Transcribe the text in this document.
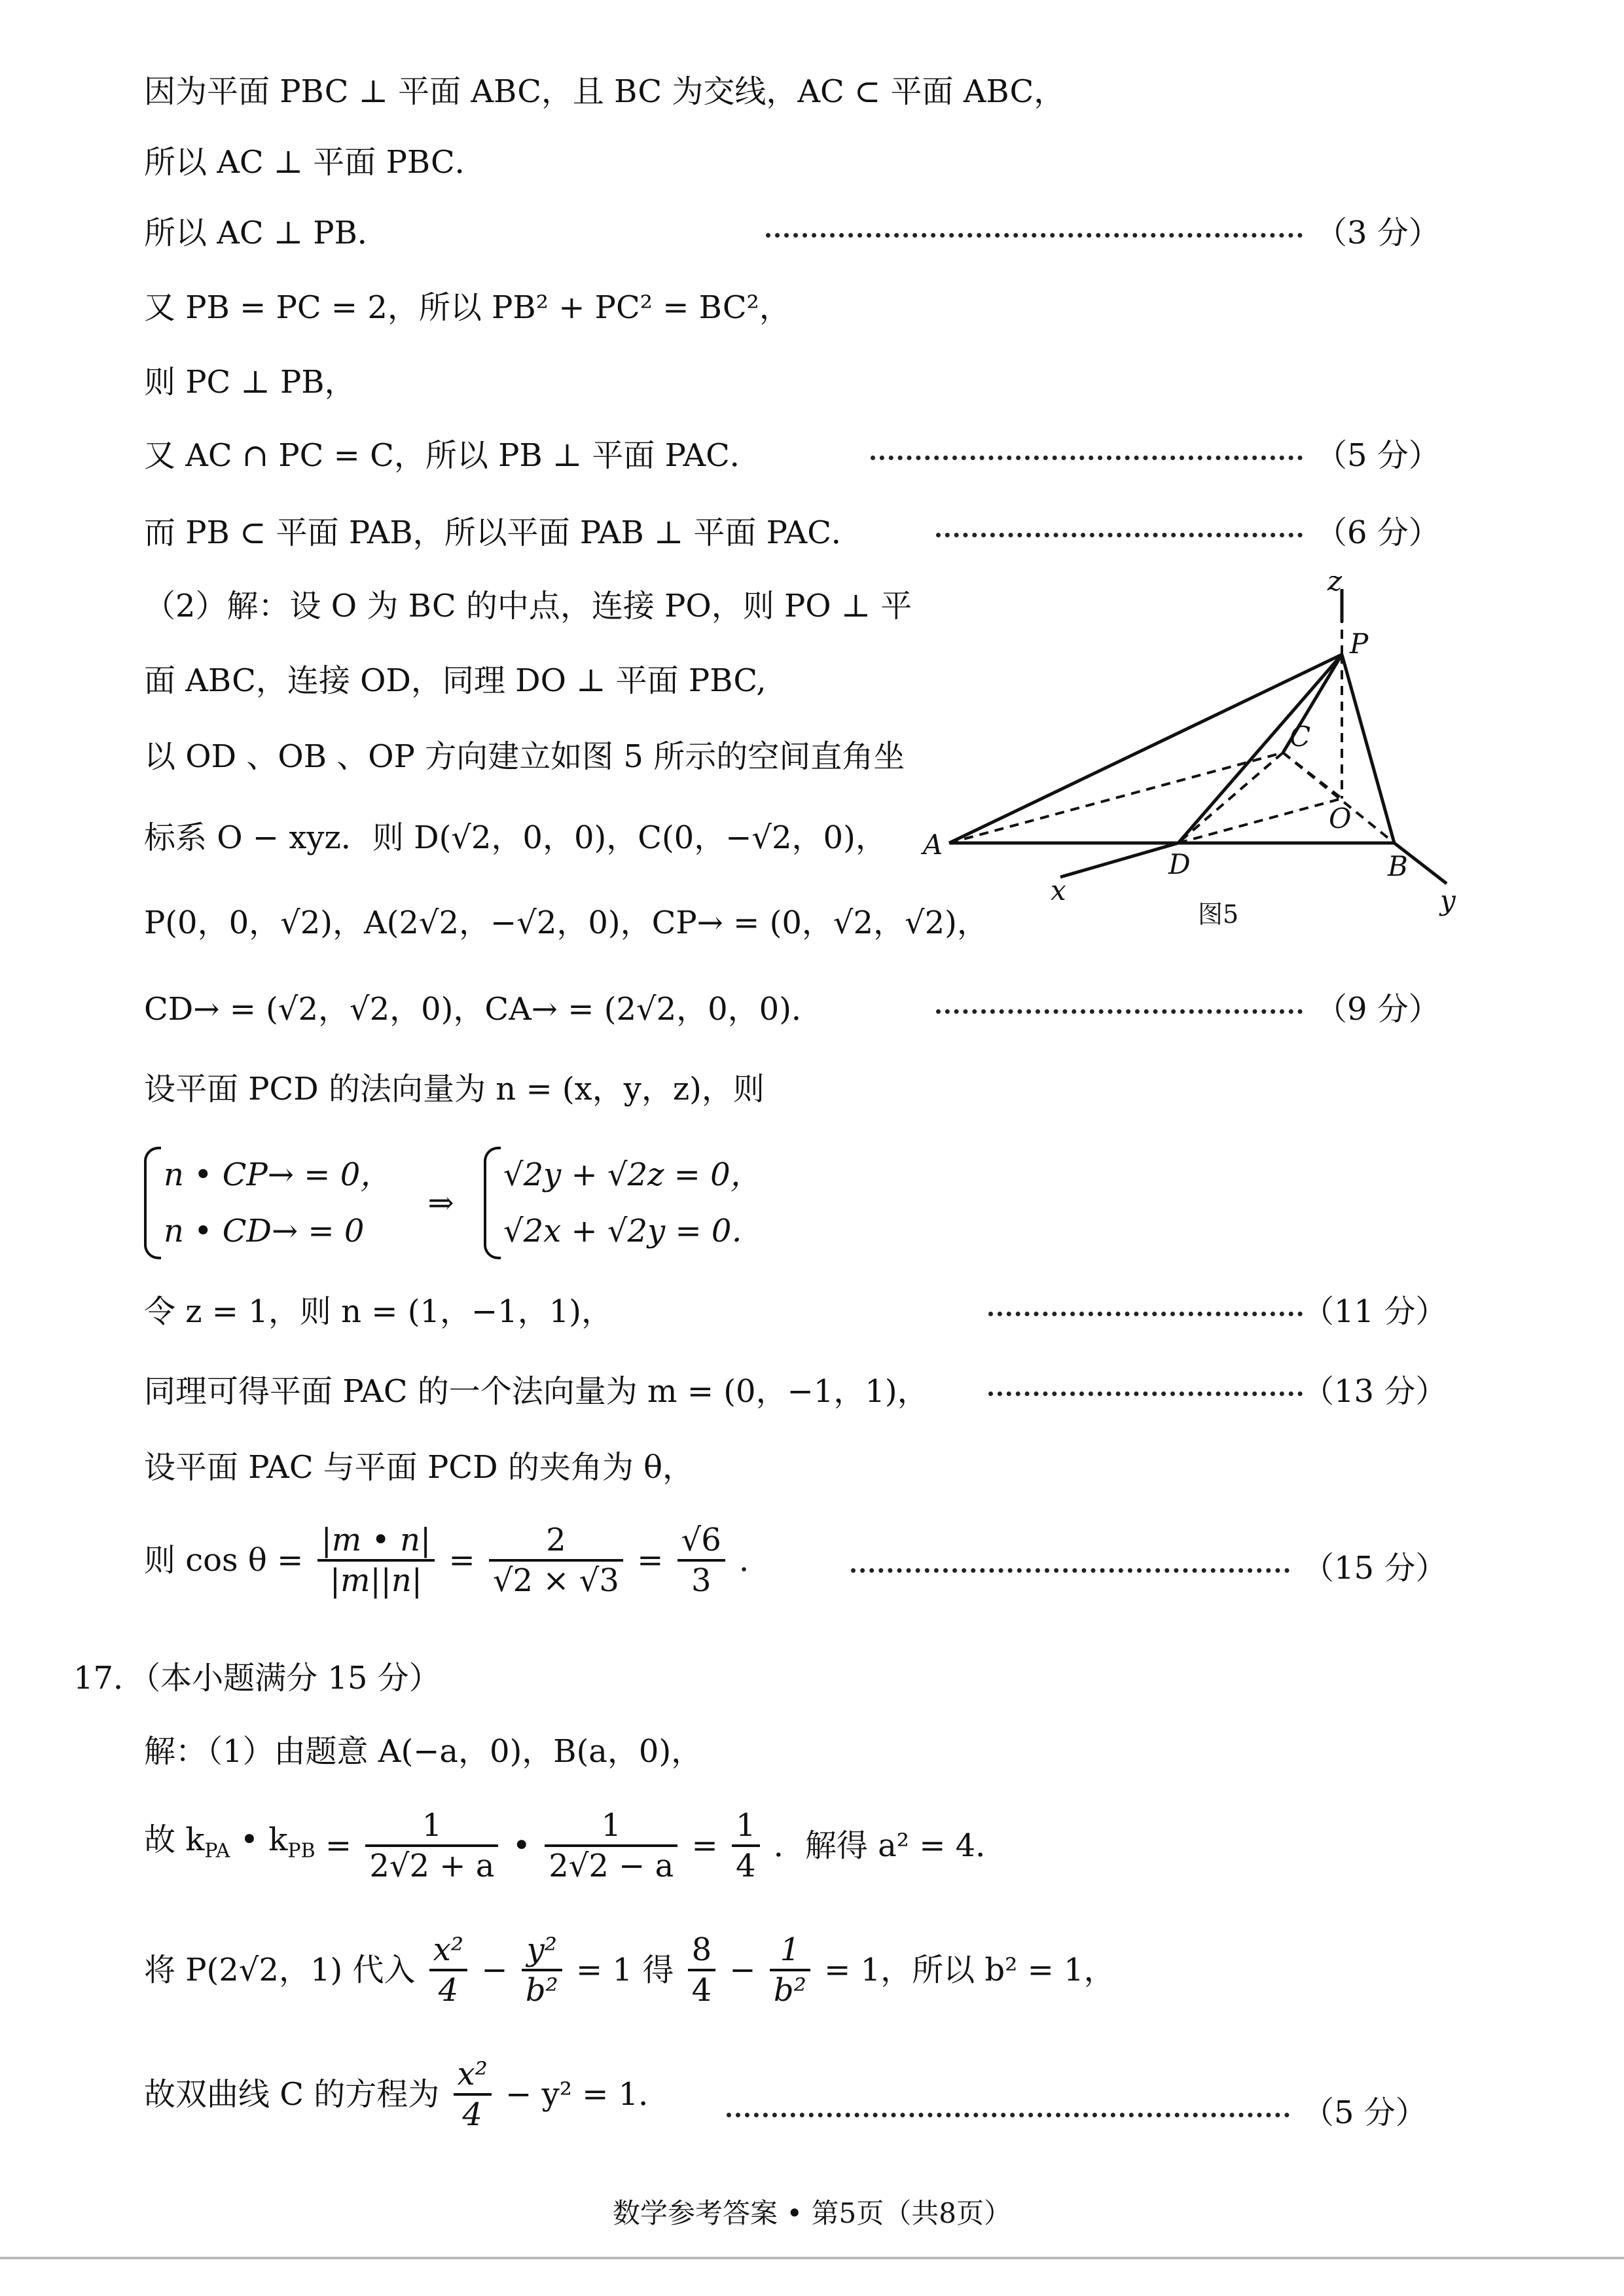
因为平面 PBC ⊥ 平面 ABC，且 BC 为交线，AC ⊂ 平面 ABC，
所以 AC ⊥ 平面 PBC．
所以 AC ⊥ PB．	（3 分）
又 PB = PC = 2，所以 PB² + PC² = BC²，
则 PC ⊥ PB，
又 AC ∩ PC = C，所以 PB ⊥ 平面 PAC．	（5 分）
而 PB ⊂ 平面 PAB，所以平面 PAB ⊥ 平面 PAC．	（6 分）
（2）解：设 O 为 BC 的中点，连接 PO，则 PO ⊥ 平
面 ABC，连接 OD，同理 DO ⊥ 平面 PBC,
以 OD 、OB 、OP 方向建立如图 5 所示的空间直角坐
标系 O − xyz．则 D(√2，0，0)，C(0，−√2，0)，
P(0，0，√2)，A(2√2，−√2，0)，CP→ = (0，√2，√2)，
CD→ = (√2，√2，0)，CA→ = (2√2，0，0)．	（9 分）
设平面 PCD 的法向量为 n = (x，y，z)，则
n • CP→ = 0，
n • CD→ = 0
⇒
√2y + √2z = 0，
√2x + √2y = 0．
令 z = 1，则 n = (1，−1，1)，	（11 分）
同理可得平面 PAC 的一个法向量为 m = (0，−1，1)，	（13 分）
设平面 PAC 与平面 PCD 的夹角为 θ，
则 $\cos \theta = \frac{|m • n|}{|m||n|} = \frac{2}{√2 \times √3} = \frac{√6}{3}$ ．	（15 分）
17．（本小题满分 15 分）
解：（1）由题意 A(−a，0)，B(a，0)，
故 $k_{PA}$ • $k_{PB} = \frac{1}{2√2 + a}$ • $\frac{1}{2√2 - a} = \frac{1}{4}$ ．解得 a² = 4．
将 P(2√2，1) 代入 $\frac{\text{x²}}{4} - \frac{\text{y²}}{\text{b²}} = 1$ 得 $\frac{8}{4} - \frac{1}{\text{b²}} = 1$，所以 b² = 1，
故双曲线 C 的方程为 $\frac{\text{x²}}{4} - y^2 = 1$．	（5 分）
z
P
C
O
A
D	B
x	y
图5
数学参考答案 • 第5页（共8页）
